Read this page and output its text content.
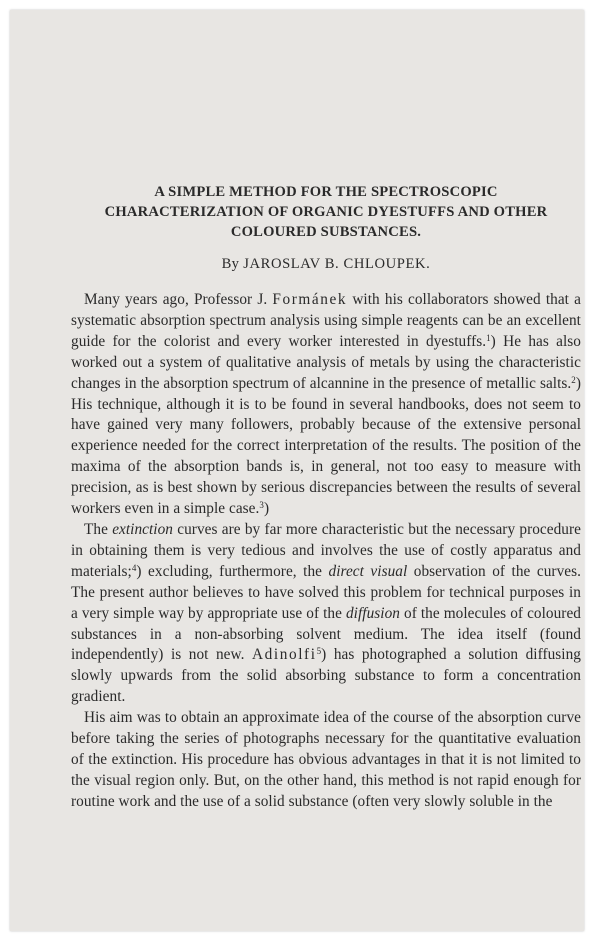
A SIMPLE METHOD FOR THE SPECTROSCOPIC
CHARACTERIZATION OF ORGANIC DYESTUFFS AND OTHER
COLOURED SUBSTANCES.

By JAROSLAV B. CHLOUPEK.

Many years ago, Professor J. Formánek with his collaborators showed that a systematic absorption spectrum analysis using simple reagents can be an excellent guide for the colorist and every worker interested in dyestuffs.$^1$) He has also worked out a system of qualitative analysis of metals by using the characteristic changes in the absorption spectrum of alcannine in the presence of metallic salts.$^2$) His technique, although it is to be found in several handbooks, does not seem to have gained very many followers, probably because of the extensive personal experience needed for the correct interpretation of the results. The position of the maxima of the absorption bands is, in general, not too easy to measure with precision, as is best shown by serious discrepancies between the results of several workers even in a simple case.$^3$)

The extinction curves are by far more characteristic but the necessary procedure in obtaining them is very tedious and involves the use of costly apparatus and materials;$^4$) excluding, furthermore, the direct visual observation of the curves. The present author believes to have solved this problem for technical purposes in a very simple way by appropriate use of the diffusion of the molecules of coloured substances in a non-absorbing solvent medium. The idea itself (found independently) is not new. Adinolfi$^5$) has photographed a solution diffusing slowly upwards from the solid absorbing substance to form a concentration gradient.

His aim was to obtain an approximate idea of the course of the absorption curve before taking the series of photographs necessary for the quantitative evaluation of the extinction. His procedure has obvious advantages in that it is not limited to the visual region only. But, on the other hand, this method is not rapid enough for routine work and the use of a solid substance (often very slowly soluble in the
